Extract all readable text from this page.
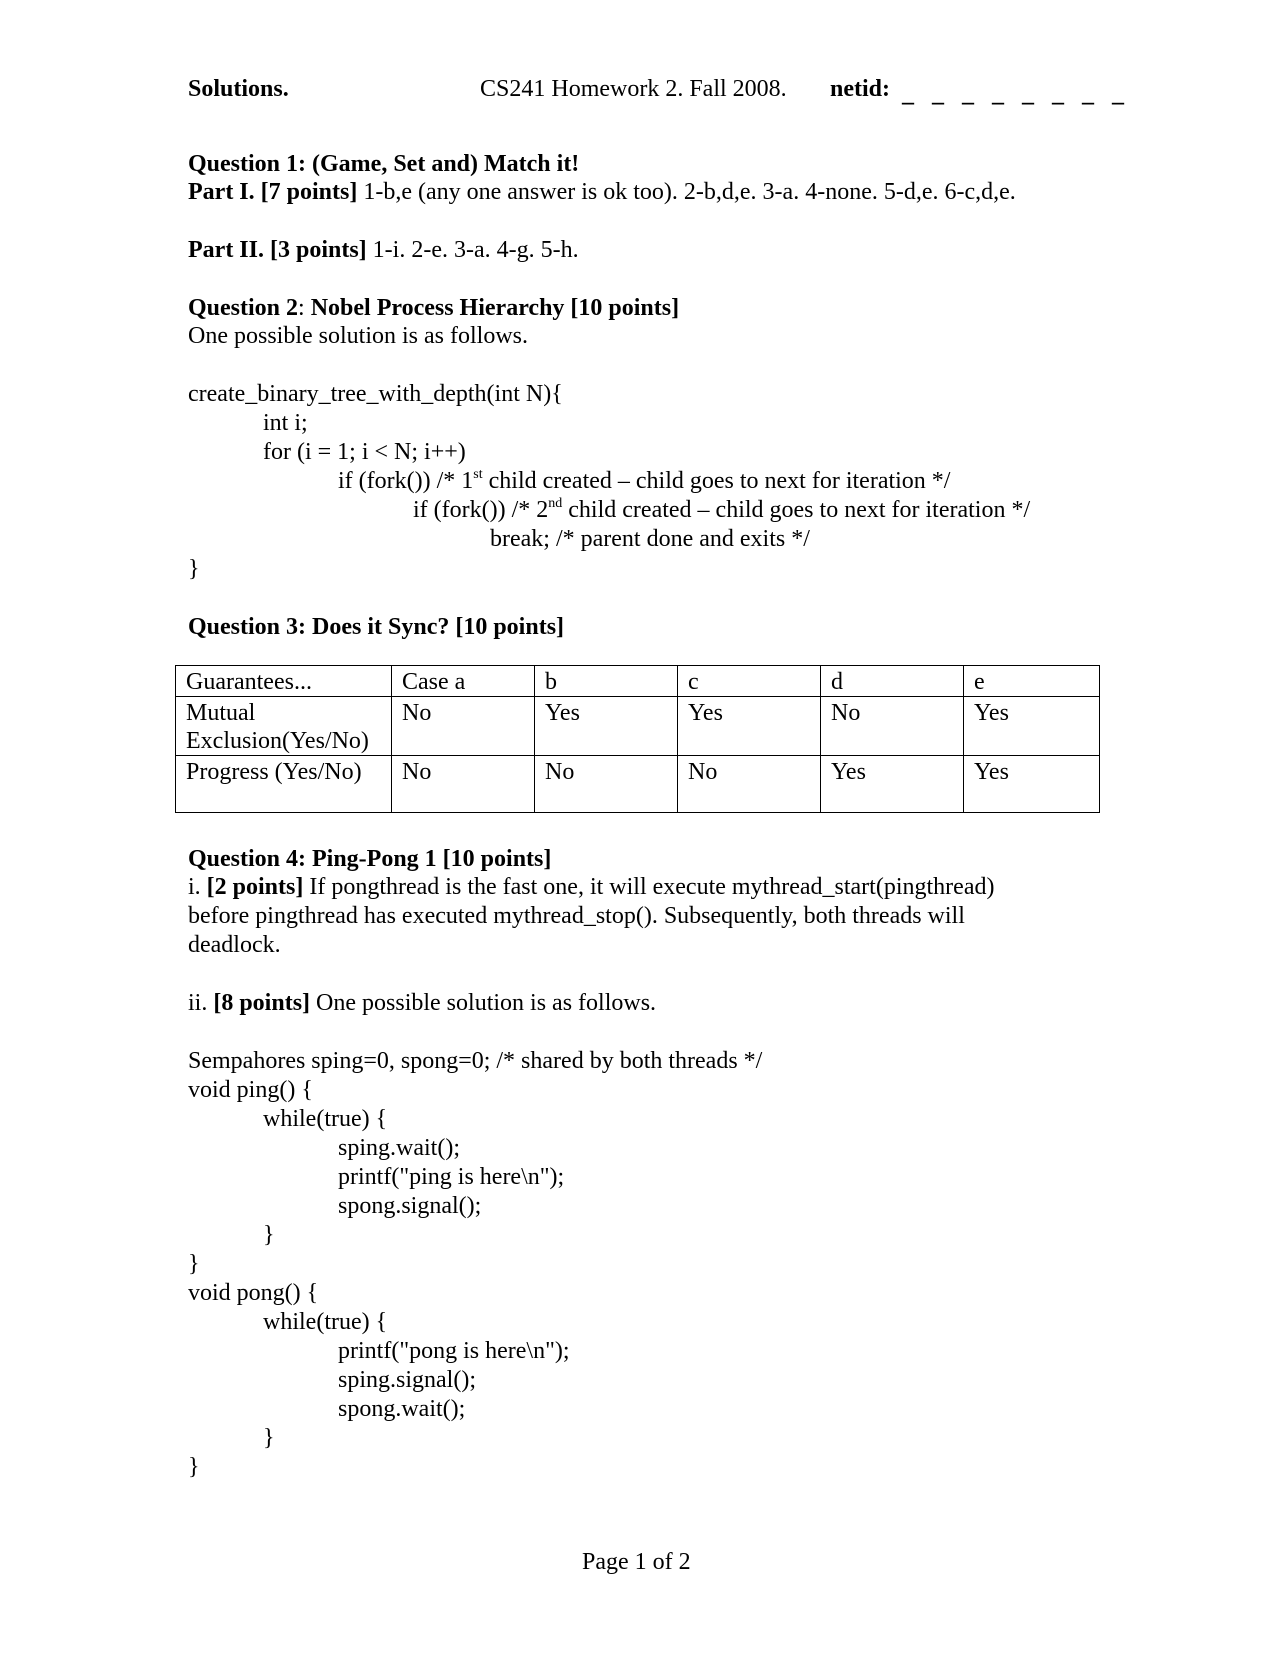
Solutions.	CS241 Homework 2. Fall 2008. netid: _ _ _ _ _ _ _ _
Question 1: (Game, Set and) Match it!
Part I. [7 points] 1-b,e (any one answer is ok too). 2-b,d,e. 3-a. 4-none. 5-d,e. 6-c,d,e.
Part II. [3 points] 1-i. 2-e. 3-a. 4-g. 5-h.
Question 2: Nobel Process Hierarchy [10 points]
One possible solution is as follows.
create_binary_tree_with_depth(int N){
int i;
for (i = 1; i < N; i++)
if (fork()) /* 1st child created – child goes to next for iteration */
if (fork()) /* 2nd child created – child goes to next for iteration */
break; /* parent done and exits */
}
Question 3: Does it Sync? [10 points]
Guarantees...	Case a	b	c	d	e

Mutual
Exclusion(Yes/No)	No	Yes	Yes	No	Yes
Progress (Yes/No)	No	No	No	Yes	Yes
Question 4: Ping-Pong 1 [10 points]
i. [2 points] If pongthread is the fast one, it will execute mythread_start(pingthread)
before pingthread has executed mythread_stop(). Subsequently, both threads will
deadlock.
ii. [8 points] One possible solution is as follows.
Sempahores sping=0, spong=0; /* shared by both threads */
void ping() {
while(true) {
sping.wait();
printf("ping is here\n");
spong.signal();
}
}
void pong() {
while(true) {
printf("pong is here\n");
sping.signal();
spong.wait();
}
}
Page 1 of 2
